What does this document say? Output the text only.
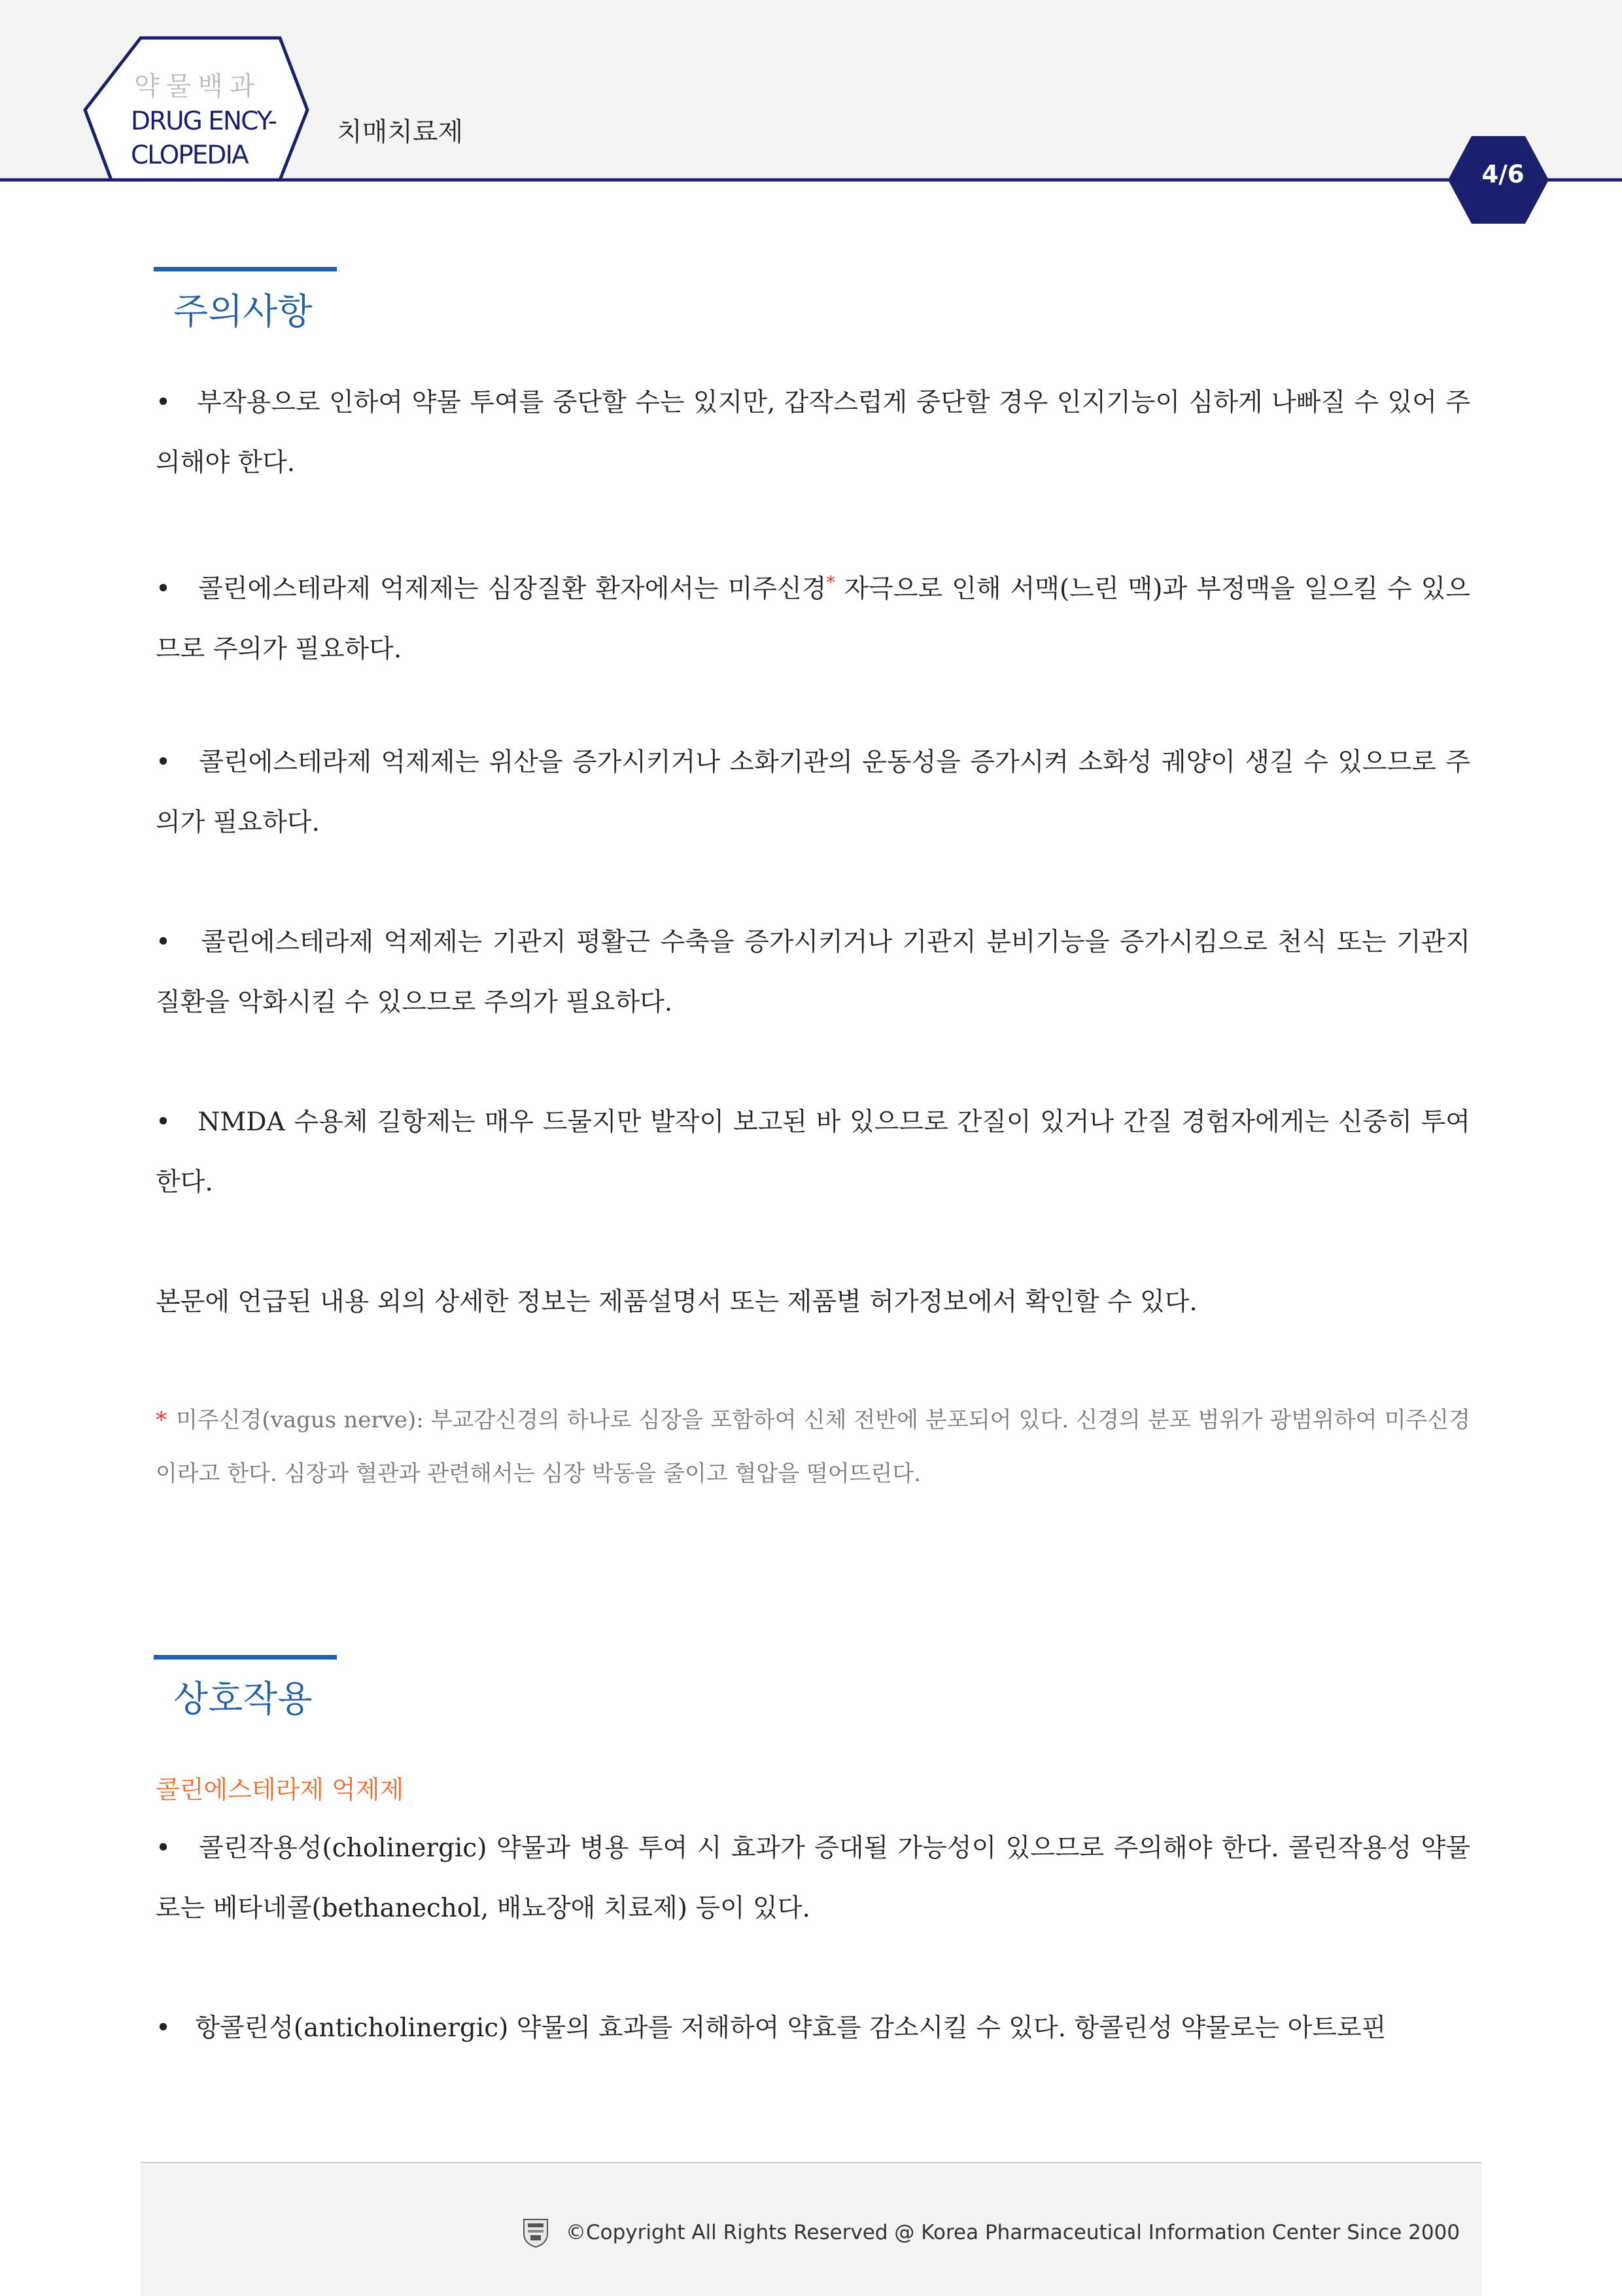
약물백과
DRUG ENCY-
CLOPEDIA
치매치료제
4/6
주의사항
• 부작용으로 인하여 약물 투여를 중단할 수는 있지만, 갑작스럽게 중단할 경우 인지기능이 심하게 나빠질 수 있어 주의해야 한다.
• 콜린에스테라제 억제제는 심장질환 환자에서는 미주신경* 자극으로 인해 서맥(느린 맥)과 부정맥을 일으킬 수 있으므로 주의가 필요하다.
• 콜린에스테라제 억제제는 위산을 증가시키거나 소화기관의 운동성을 증가시켜 소화성 궤양이 생길 수 있으므로 주의가 필요하다.
• 콜린에스테라제 억제제는 기관지 평활근 수축을 증가시키거나 기관지 분비기능을 증가시킴으로 천식 또는 기관지 질환을 악화시킬 수 있으므로 주의가 필요하다.
• NMDA 수용체 길항제는 매우 드물지만 발작이 보고된 바 있으므로 간질이 있거나 간질 경험자에게는 신중히 투여한다.
본문에 언급된 내용 외의 상세한 정보는 제품설명서 또는 제품별 허가정보에서 확인할 수 있다.
* 미주신경(vagus nerve): 부교감신경의 하나로 심장을 포함하여 신체 전반에 분포되어 있다. 신경의 분포 범위가 광범위하여 미주신경이라고 한다. 심장과 혈관과 관련해서는 심장 박동을 줄이고 혈압을 떨어뜨린다.
상호작용
콜린에스테라제 억제제
• 콜린작용성(cholinergic) 약물과 병용 투여 시 효과가 증대될 가능성이 있으므로 주의해야 한다. 콜린작용성 약물로는 베타네콜(bethanechol, 배뇨장애 치료제) 등이 있다.
• 항콜린성(anticholinergic) 약물의 효과를 저해하여 약효를 감소시킬 수 있다. 항콜린성 약물로는 아트로핀
©Copyright All Rights Reserved @ Korea Pharmaceutical Information Center Since 2000
